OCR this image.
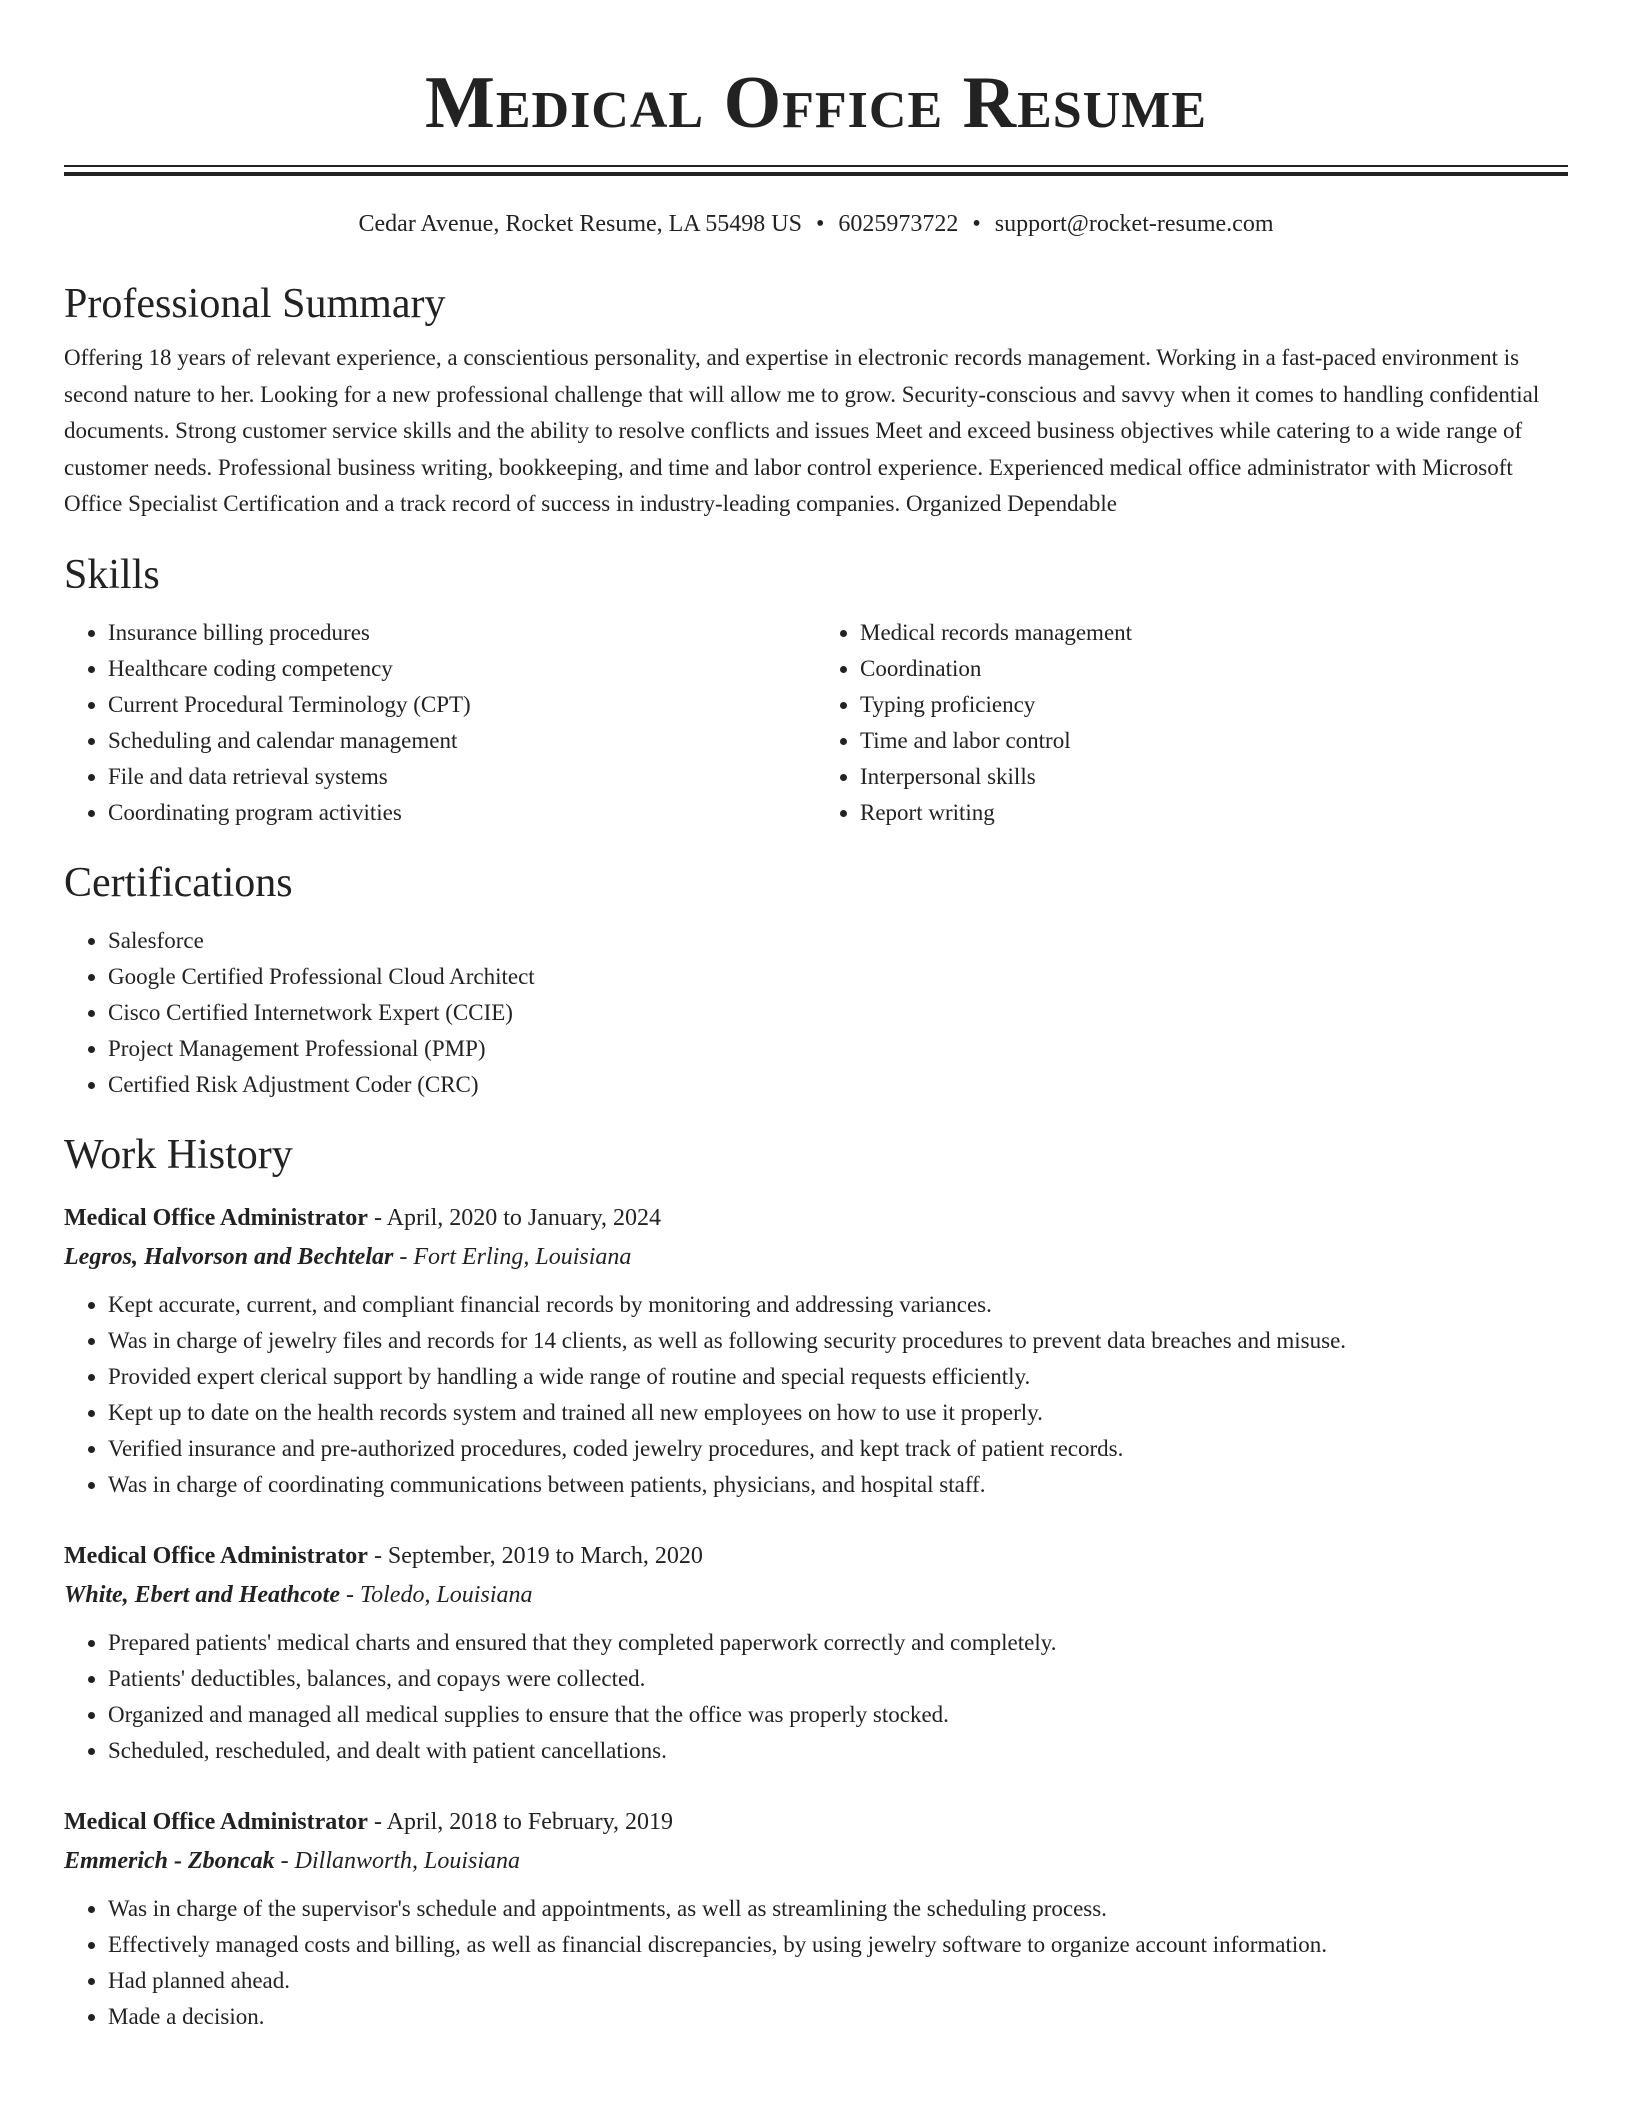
Medical Office Resume
Cedar Avenue, Rocket Resume, LA 55498 US • 6025973722 • support@rocket-resume.com
Professional Summary

Offering 18 years of relevant experience, a conscientious personality, and expertise in electronic records management. Working in a fast-paced environment is second nature to her. Looking for a new professional challenge that will allow me to grow. Security-conscious and savvy when it comes to handling confidential documents. Strong customer service skills and the ability to resolve conflicts and issues Meet and exceed business objectives while catering to a wide range of customer needs. Professional business writing, bookkeeping, and time and labor control experience. Experienced medical office administrator with Microsoft Office Specialist Certification and a track record of success in industry-leading companies. Organized Dependable

Skills
• Insurance billing procedures
• Healthcare coding competency
• Current Procedural Terminology (CPT)
• Scheduling and calendar management
• File and data retrieval systems
• Coordinating program activities
• Medical records management
• Coordination
• Typing proficiency
• Time and labor control
• Interpersonal skills
• Report writing
Certifications
• Salesforce
• Google Certified Professional Cloud Architect
• Cisco Certified Internetwork Expert (CCIE)
• Project Management Professional (PMP)
• Certified Risk Adjustment Coder (CRC)
Work History
Medical Office Administrator - April, 2020 to January, 2024
Legros, Halvorson and Bechtelar - Fort Erling, Louisiana
• Kept accurate, current, and compliant financial records by monitoring and addressing variances.
• Was in charge of jewelry files and records for 14 clients, as well as following security procedures to prevent data breaches and misuse.
• Provided expert clerical support by handling a wide range of routine and special requests efficiently.
• Kept up to date on the health records system and trained all new employees on how to use it properly.
• Verified insurance and pre-authorized procedures, coded jewelry procedures, and kept track of patient records.
• Was in charge of coordinating communications between patients, physicians, and hospital staff.
Medical Office Administrator - September, 2019 to March, 2020
White, Ebert and Heathcote - Toledo, Louisiana
• Prepared patients' medical charts and ensured that they completed paperwork correctly and completely.
• Patients' deductibles, balances, and copays were collected.
• Organized and managed all medical supplies to ensure that the office was properly stocked.
• Scheduled, rescheduled, and dealt with patient cancellations.
Medical Office Administrator - April, 2018 to February, 2019
Emmerich - Zboncak - Dillanworth, Louisiana
• Was in charge of the supervisor's schedule and appointments, as well as streamlining the scheduling process.
• Effectively managed costs and billing, as well as financial discrepancies, by using jewelry software to organize account information.
• Had planned ahead.
• Made a decision.
